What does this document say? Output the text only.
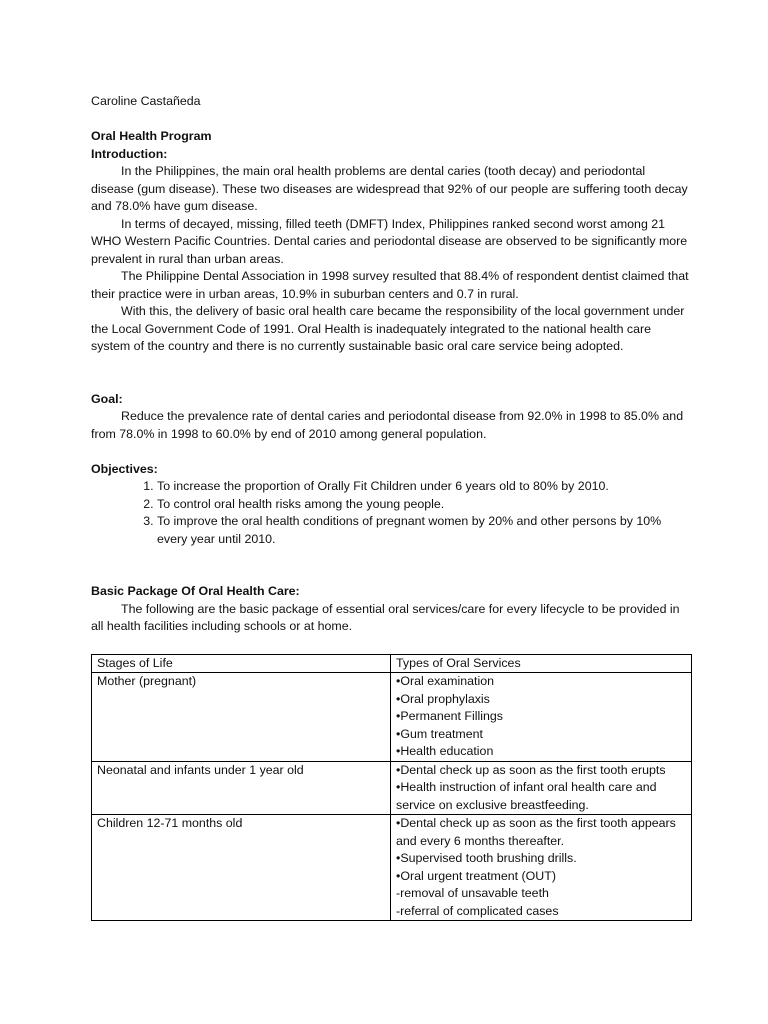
Caroline Castañeda

Oral Health Program

Introduction:

In the Philippines, the main oral health problems are dental caries (tooth decay) and periodontal disease (gum disease). These two diseases are widespread that 92% of our people are suffering tooth decay and 78.0% have gum disease.

In terms of decayed, missing, filled teeth (DMFT) Index, Philippines ranked second worst among 21 WHO Western Pacific Countries. Dental caries and periodontal disease are observed to be significantly more prevalent in rural than urban areas.

The Philippine Dental Association in 1998 survey resulted that 88.4% of respondent dentist claimed that their practice were in urban areas, 10.9% in suburban centers and 0.7 in rural.

With this, the delivery of basic oral health care became the responsibility of the local government under the Local Government Code of 1991. Oral Health is inadequately integrated to the national health care system of the country and there is no currently sustainable basic oral care service being adopted.

Goal:

Reduce the prevalence rate of dental caries and periodontal disease from 92.0% in 1998 to 85.0% and from 78.0% in 1998 to 60.0% by end of 2010 among general population.

Objectives:

1. To increase the proportion of Orally Fit Children under 6 years old to 80% by 2010.
2. To control oral health risks among the young people.
3. To improve the oral health conditions of pregnant women by 20% and other persons by 10% every year until 2010.

Basic Package Of Oral Health Care:

The following are the basic package of essential oral services/care for every lifecycle to be provided in all health facilities including schools or at home.

Stages of Life	Types of Oral Services
Mother (pregnant)	•Oral examination
•Oral prophylaxis
•Permanent Fillings
•Gum treatment
•Health education

Neonatal and infants under 1 year old	•Dental check up as soon as the first tooth erupts
•Health instruction of infant oral health care and service on exclusive breastfeeding.

Children 12-71 months old	•Dental check up as soon as the first tooth appears and every 6 months thereafter.
•Supervised tooth brushing drills.
•Oral urgent treatment (OUT)
-removal of unsavable teeth
-referral of complicated cases
